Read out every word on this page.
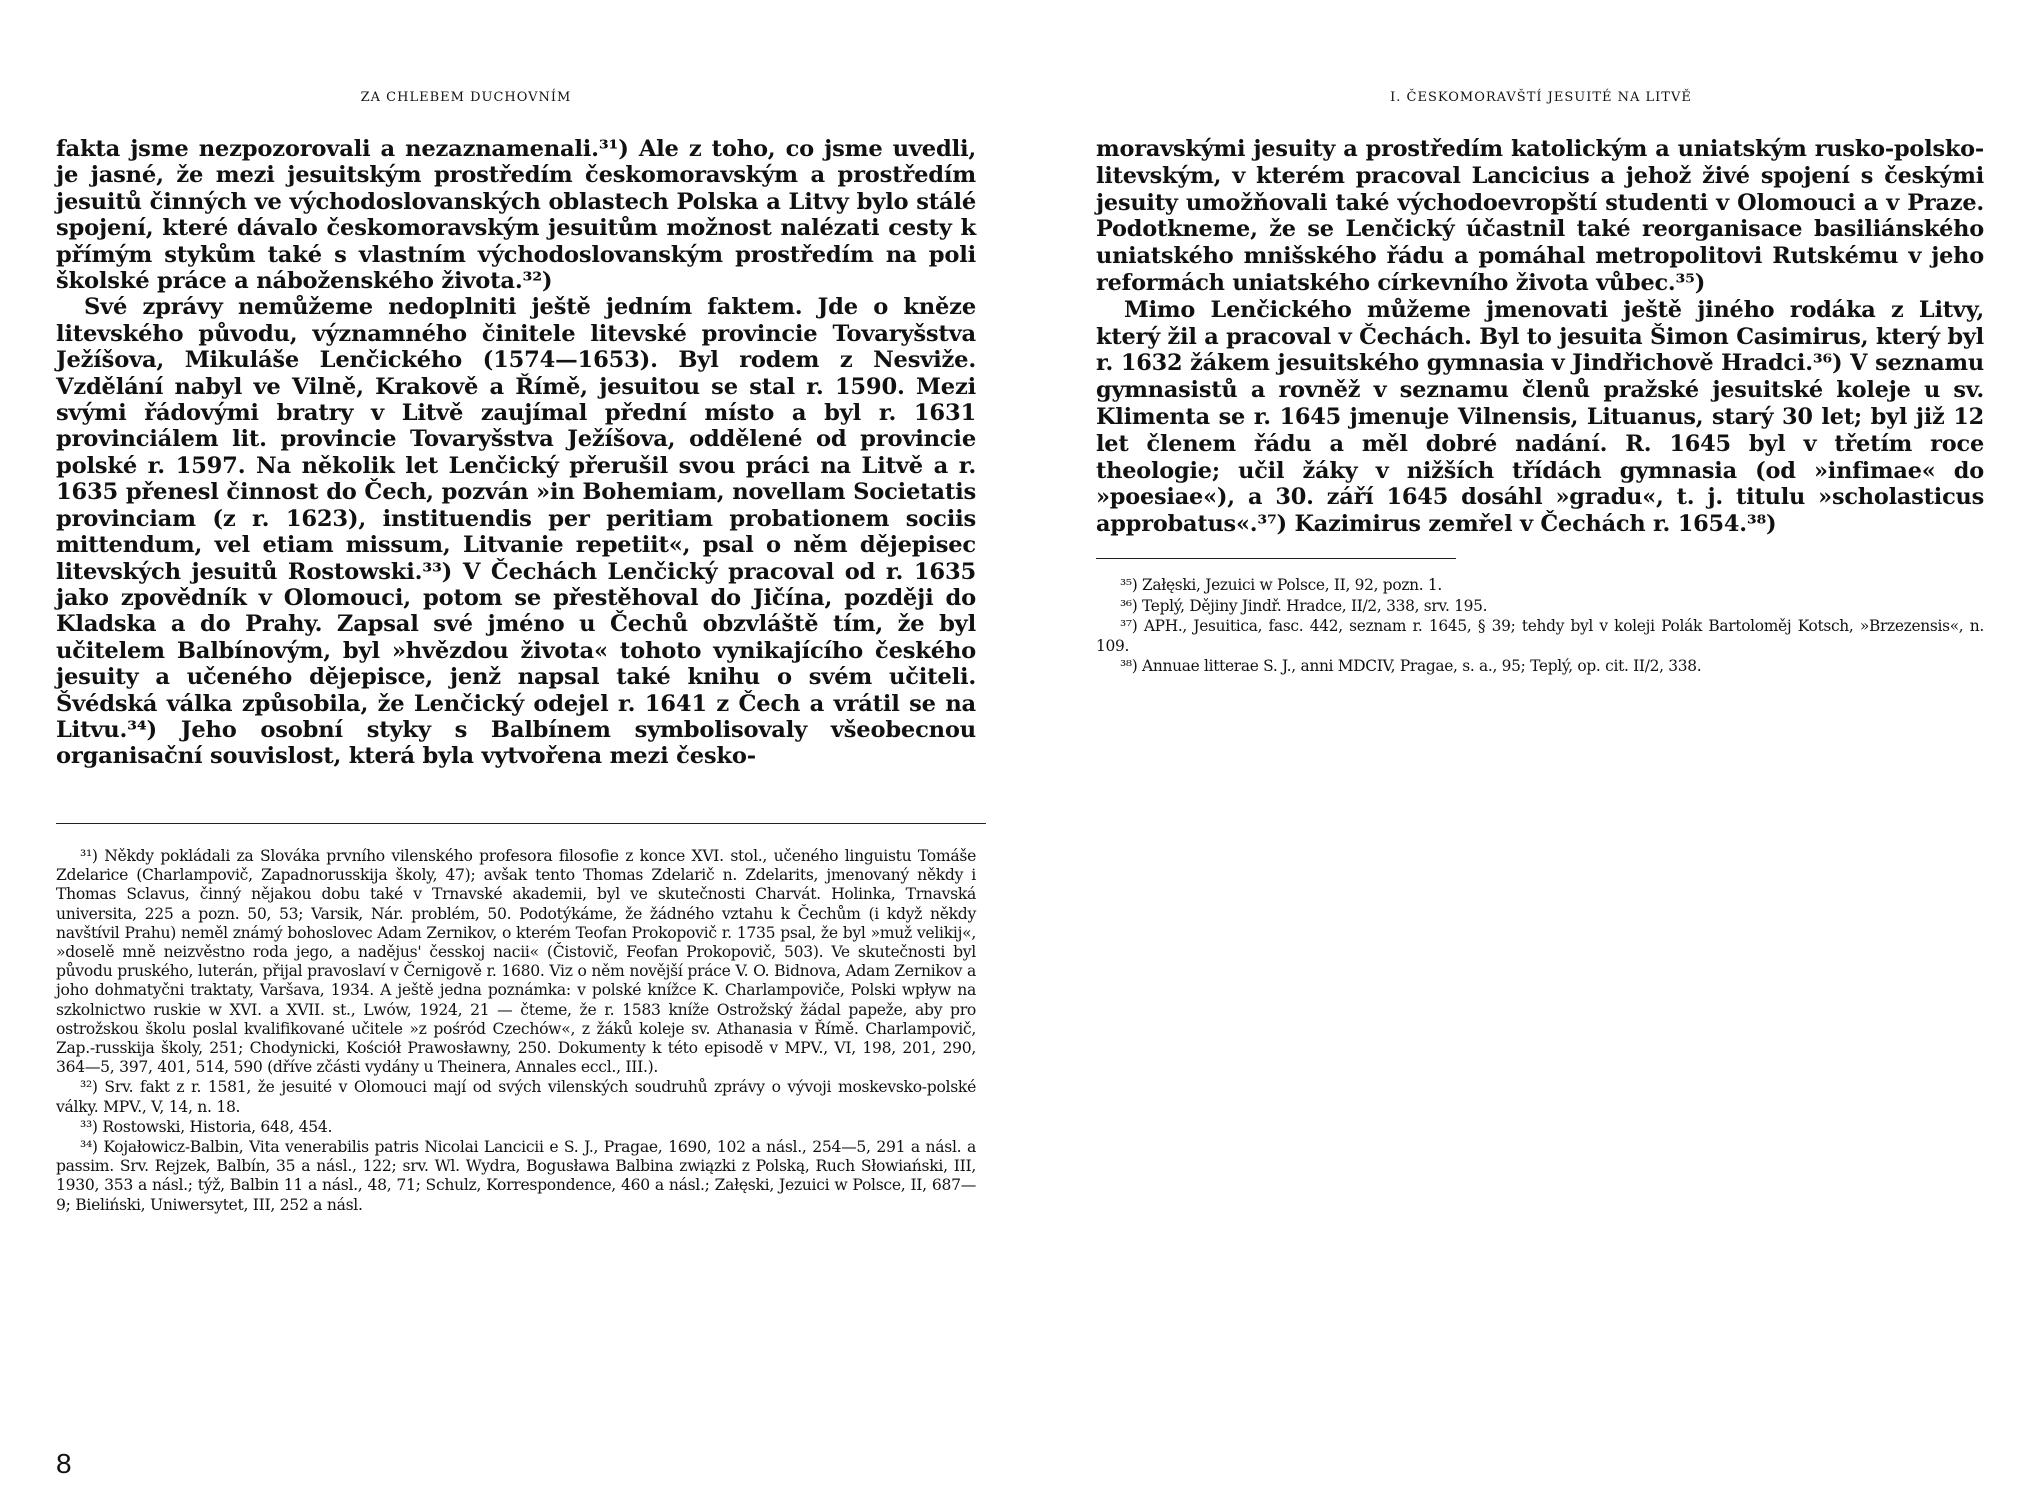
ZA CHLEBEM DUCHOVNÍM

fakta jsme nezpozorovali a nezaznamenali.³¹) Ale z toho, co jsme uvedli, je jasné, že mezi jesuitským prostředím českomoravským a prostředím jesuitů činných ve východoslovanských oblastech Polska a Litvy bylo stálé spojení, které dávalo českomoravským jesuitům možnost nalézati cesty k přímým stykům také s vlastním východoslovanským prostředím na poli školské práce a náboženského života.³²)

Své zprávy nemůžeme nedoplniti ještě jedním faktem. Jde o kněze litevského původu, významného činitele litevské provincie Tovaryšstva Ježíšova, Mikuláše Lenčického (1574—1653). Byl rodem z Nesviže. Vzdělání nabyl ve Vilně, Krakově a Římě, jesuitou se stal r. 1590. Mezi svými řádovými bratry v Litvě zaujímal přední místo a byl r. 1631 provinciálem lit. provincie Tovaryšstva Ježíšova, oddělené od provincie polské r. 1597. Na několik let Lenčický přerušil svou práci na Litvě a r. 1635 přenesl činnost do Čech, pozván »in Bohemiam, novellam Societatis provinciam (z r. 1623), instituendis per peritiam probationem sociis mittendum, vel etiam missum, Litvanie repetiit«, psal o něm dějepisec litevských jesuitů Rostowski.³³) V Čechách Lenčický pracoval od r. 1635 jako zpovědník v Olomouci, potom se přestěhoval do Jičína, později do Kladska a do Prahy. Zapsal své jméno u Čechů obzvláště tím, že byl učitelem Balbínovým, byl »hvězdou života« tohoto vynikajícího českého jesuity a učeného dějepisce, jenž napsal také knihu o svém učiteli. Švédská válka způsobila, že Lenčický odejel r. 1641 z Čech a vrátil se na Litvu.³⁴) Jeho osobní styky s Balbínem symbolisovaly všeobecnou organisační souvislost, která byla vytvořena mezi česko-

³¹) Někdy pokládali za Slováka prvního vilenského profesora filosofie z konce XVI. stol., učeného linguistu Tomáše Zdelarice (Charlampovič, Zapadnorusskija školy, 47); avšak tento Thomas Zdelarič n. Zdelarits, jmenovaný někdy i Thomas Sclavus, činný nějakou dobu také v Trnavské akademii, byl ve skutečnosti Charvát. Holinka, Trnavská universita, 225 a pozn. 50, 53; Varsik, Nár. problém, 50. Podotýkáme, že žádného vztahu k Čechům (i když někdy navštívil Prahu) neměl známý bohoslovec Adam Zernikov, o kterém Teofan Prokopovič r. 1735 psal, že byl »muž velikij«, »doselě mně neizvěstno roda jego, a nadějus' česskoj nacii« (Čistovič, Feofan Prokopovič, 503). Ve skutečnosti byl původu pruského, luterán, přijal pravoslaví v Černigově r. 1680. Viz o něm novější práce V. O. Bidnova, Adam Zernikov a joho dohmatyčni traktaty, Varšava, 1934. A ještě jedna poznámka: v polské knížce K. Charlampoviče, Polski wpływ na szkolnictwo ruskie w XVI. a XVII. st., Lwów, 1924, 21 — čteme, že r. 1583 kníže Ostrožský žádal papeže, aby pro ostrožskou školu poslal kvalifikované učitele »z pośród Czechów«, z žáků koleje sv. Athanasia v Římě. Charlampovič, Zap.-russkija školy, 251; Chodynicki, Kościół Prawosławny, 250. Dokumenty k této episodě v MPV., VI, 198, 201, 290, 364—5, 397, 401, 514, 590 (dříve zčásti vydány u Theinera, Annales eccl., III.).

³²) Srv. fakt z r. 1581, že jesuité v Olomouci mají od svých vilenských soudruhů zprávy o vývoji moskevsko-polské války. MPV., V, 14, n. 18.

³³) Rostowski, Historia, 648, 454.

³⁴) Kojałowicz-Balbin, Vita venerabilis patris Nicolai Lancicii e S. J., Pragae, 1690, 102 a násl., 254—5, 291 a násl. a passim. Srv. Rejzek, Balbín, 35 a násl., 122; srv. Wl. Wydra, Bogusława Balbina związki z Polską, Ruch Słowiański, III, 1930, 353 a násl.; týž, Balbin 11 a násl., 48, 71; Schulz, Korrespondence, 460 a násl.; Załęski, Jezuici w Polsce, II, 687—9; Bieliński, Uniwersytet, III, 252 a násl.

8
I. ČESKOMORAVŠTÍ JESUITÉ NA LITVĚ

moravskými jesuity a prostředím katolickým a uniatským rusko-polsko-litevským, v kterém pracoval Lancicius a jehož živé spojení s českými jesuity umožňovali také východoevropští studenti v Olomouci a v Praze. Podotkneme, že se Lenčický účastnil také reorganisace basiliánského uniatského mnišského řádu a pomáhal metropolitovi Rutskému v jeho reformách uniatského církevního života vůbec.³⁵)

Mimo Lenčického můžeme jmenovati ještě jiného rodáka z Litvy, který žil a pracoval v Čechách. Byl to jesuita Šimon Casimirus, který byl r. 1632 žákem jesuitského gymnasia v Jindřichově Hradci.³⁶) V seznamu gymnasistů a rovněž v seznamu členů pražské jesuitské koleje u sv. Klimenta se r. 1645 jmenuje Vilnensis, Lituanus, starý 30 let; byl již 12 let členem řádu a měl dobré nadání. R. 1645 byl v třetím roce theologie; učil žáky v nižších třídách gymnasia (od »infimae« do »poesiae«), a 30. září 1645 dosáhl »gradu«, t. j. titulu »scholasticus approbatus«.³⁷) Kazimirus zemřel v Čechách r. 1654.³⁸)

³⁵) Załęski, Jezuici w Polsce, II, 92, pozn. 1.

³⁶) Teplý, Dějiny Jindř. Hradce, II/2, 338, srv. 195.

³⁷) APH., Jesuitica, fasc. 442, seznam r. 1645, § 39; tehdy byl v koleji Polák Bartoloměj Kotsch, »Brzezensis«, n. 109.

³⁸) Annuae litterae S. J., anni MDCIV, Pragae, s. a., 95; Teplý, op. cit. II/2, 338.
